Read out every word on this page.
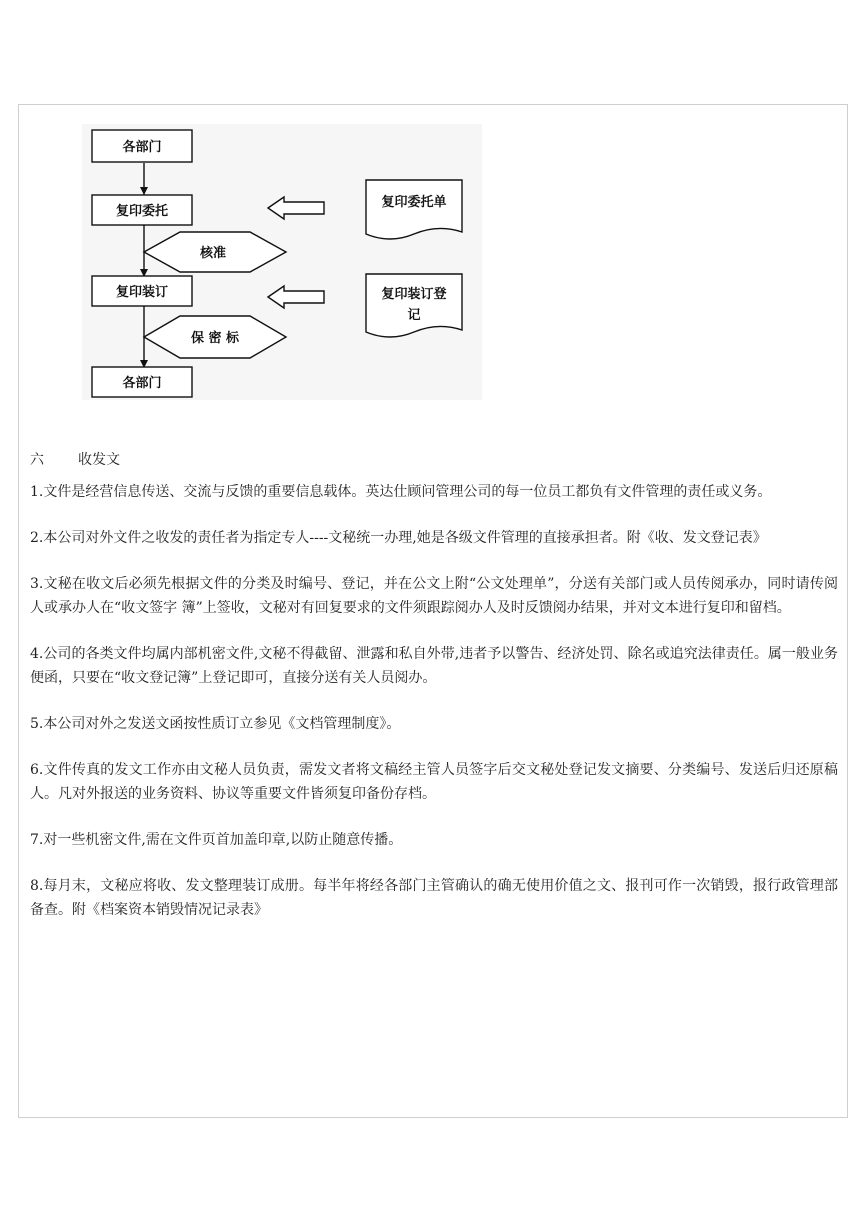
各部门
复印委托
复印装订
各部门
核准
保 密 标
复印委托单
复印装订登
记
六 收发文

1.文件是经营信息传送、交流与反馈的重要信息载体。英达仕顾问管理公司的每一位员工都负有文件管理的责任或义务。

2.本公司对外文件之收发的责任者为指定专人----文秘统一办理,她是各级文件管理的直接承担者。附《收、发文登记表》

3.文秘在收文后必须先根据文件的分类及时编号、登记，并在公文上附“公文处理单”，分送有关部门或人员传阅承办，同时请传阅人或承办人在“收文签字 簿”上签收，文秘对有回复要求的文件须跟踪阅办人及时反馈阅办结果，并对文本进行复印和留档。

4.公司的各类文件均属内部机密文件,文秘不得截留、泄露和私自外带,违者予以警告、经济处罚、除名或追究法律责任。属一般业务便函，只要在“收文登记簿”上登记即可，直接分送有关人员阅办。

5.本公司对外之发送文函按性质订立参见《文档管理制度》。

6.文件传真的发文工作亦由文秘人员负责，需发文者将文稿经主管人员签字后交文秘处登记发文摘要、分类编号、发送后归还原稿人。凡对外报送的业务资料、协议等重要文件皆须复印备份存档。

7.对一些机密文件,需在文件页首加盖印章,以防止随意传播。

8.每月末，文秘应将收、发文整理装订成册。每半年将经各部门主管确认的确无使用价值之文、报刊可作一次销毁，报行政管理部备查。附《档案资本销毁情况记录表》
